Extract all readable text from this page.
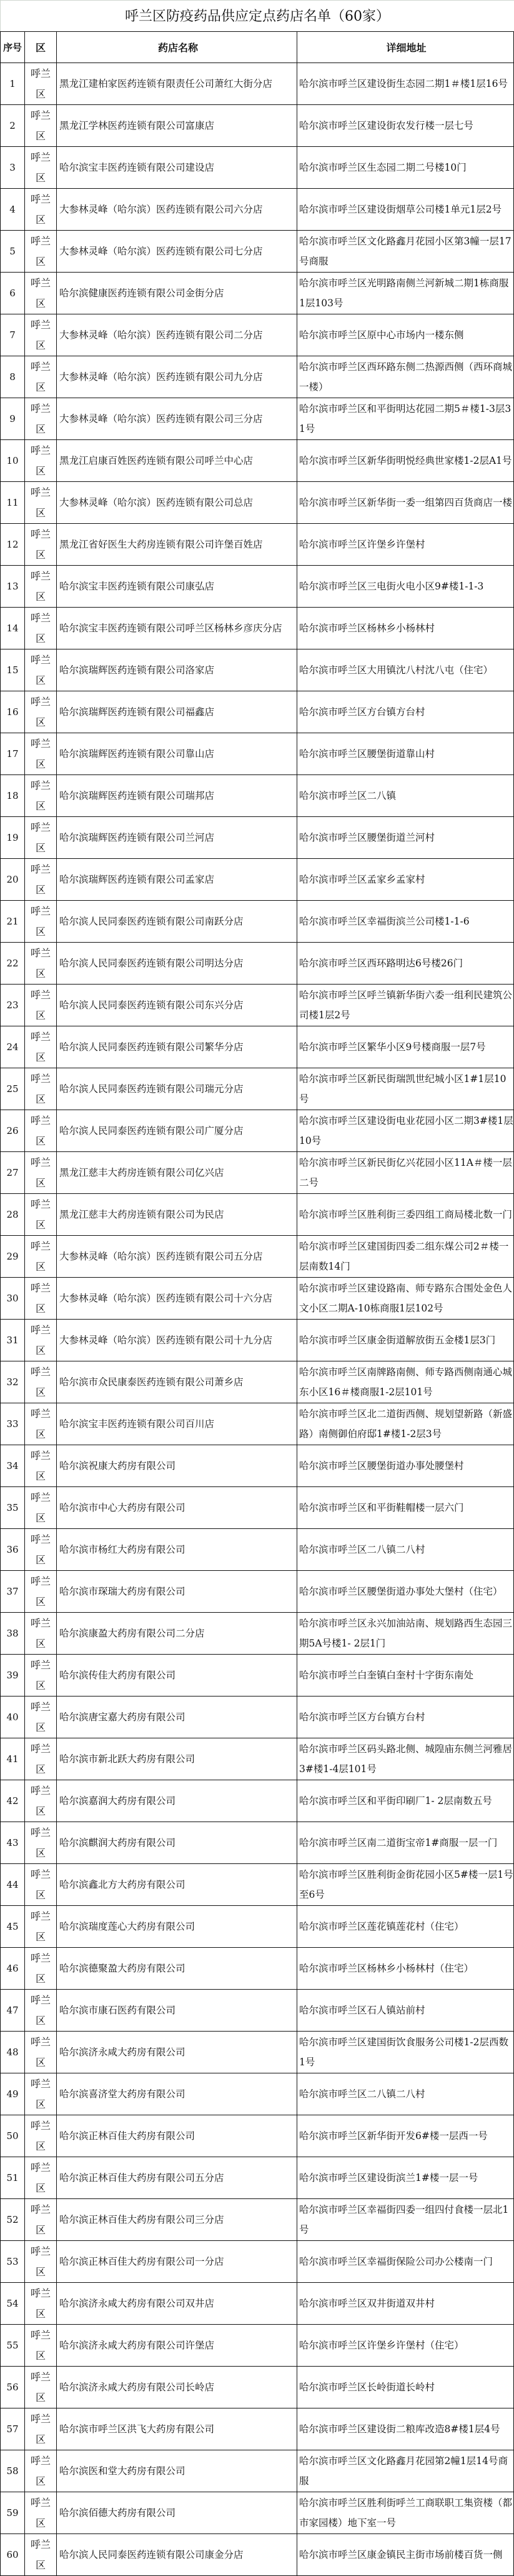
呼兰区防疫药品供应定点药店名单（60家）
序号	区	药店名称	详细地址
1	呼兰区	黑龙江建柏家医药连锁有限责任公司萧红大街分店	哈尔滨市呼兰区建设街生态园二期1＃楼1层16号

2	呼兰区	黑龙江学林医药连锁有限公司富康店	哈尔滨市呼兰区建设街农发行楼一层七号

3	呼兰区	哈尔滨宝丰医药连锁有限公司建设店	哈尔滨市呼兰区生态园二期二号楼10门

4	呼兰区	大参林灵峰（哈尔滨）医药连锁有限公司六分店	哈尔滨市呼兰区建设街烟草公司楼1单元1层2号

5	呼兰区	大参林灵峰（哈尔滨）医药连锁有限公司七分店	哈尔滨市呼兰区文化路鑫月花园小区第3幢一层17号商服

6	呼兰区	哈尔滨健康医药连锁有限公司金街分店	哈尔滨市呼兰区光明路南侧兰河新城二期1栋商服1层103号

7	呼兰区	大参林灵峰（哈尔滨）医药连锁有限公司二分店	哈尔滨市呼兰区原中心市场内一楼东侧

8	呼兰区	大参林灵峰（哈尔滨）医药连锁有限公司九分店	哈尔滨市呼兰区西环路东侧二热源西侧（西环商城一楼）

9	呼兰区	大参林灵峰（哈尔滨）医药连锁有限公司三分店	哈尔滨市呼兰区和平街明达花园二期5＃楼1-3层31号

10	呼兰区	黑龙江启康百姓医药连锁有限公司呼兰中心店	哈尔滨市呼兰区新华街明悦经典世家楼1-2层A1号

11	呼兰区	大参林灵峰（哈尔滨）医药连锁有限公司总店	哈尔滨市呼兰区新华街一委一组第四百货商店一楼

12	呼兰区	黑龙江省好医生大药房连锁有限公司许堡百姓店	哈尔滨市呼兰区许堡乡许堡村

13	呼兰区	哈尔滨宝丰医药连锁有限公司康弘店	哈尔滨市呼兰区三电街火电小区9#楼1-1-3

14	呼兰区	哈尔滨宝丰医药连锁有限公司呼兰区杨林乡彦庆分店	哈尔滨市呼兰区杨林乡小杨林村

15	呼兰区	哈尔滨瑞辉医药连锁有限公司洛家店	哈尔滨市呼兰区大用镇沈八村沈八屯（住宅）

16	呼兰区	哈尔滨瑞辉医药连锁有限公司福鑫店	哈尔滨市呼兰区方台镇方台村

17	呼兰区	哈尔滨瑞辉医药连锁有限公司靠山店	哈尔滨市呼兰区腰堡街道靠山村

18	呼兰区	哈尔滨瑞辉医药连锁有限公司瑞邦店	哈尔滨市呼兰区二八镇

19	呼兰区	哈尔滨瑞辉医药连锁有限公司兰河店	哈尔滨市呼兰区腰堡街道兰河村

20	呼兰区	哈尔滨瑞辉医药连锁有限公司孟家店	哈尔滨市呼兰区孟家乡孟家村

21	呼兰区	哈尔滨人民同泰医药连锁有限公司南跃分店	哈尔滨市呼兰区幸福街滨兰公司楼1-1-6

22	呼兰区	哈尔滨人民同泰医药连锁有限公司明达分店	哈尔滨市呼兰区西环路明达6号楼26门

23	呼兰区	哈尔滨人民同泰医药连锁有限公司东兴分店	哈尔滨市呼兰区呼兰镇新华街六委一组利民建筑公司楼1层2号

24	呼兰区	哈尔滨人民同泰医药连锁有限公司繁华分店	哈尔滨市呼兰区繁华小区9号楼商服一层7号

25	呼兰区	哈尔滨人民同泰医药连锁有限公司瑞元分店	哈尔滨市呼兰区新民街瑞凯世纪城小区1#1层10号

26	呼兰区	哈尔滨人民同泰医药连锁有限公司广厦分店	哈尔滨市呼兰区建设街电业花园小区二期3#楼1层10号

27	呼兰区	黑龙江慈丰大药房连锁有限公司亿兴店	哈尔滨市呼兰区新民街亿兴花园小区11A＃楼一层二号

28	呼兰区	黑龙江慈丰大药房连锁有限公司为民店	哈尔滨市呼兰区胜利街三委四组工商局楼北数一门

29	呼兰区	大参林灵峰（哈尔滨）医药连锁有限公司五分店	哈尔滨市呼兰区建国街四委二组东煤公司2＃楼一层南数14门

30	呼兰区	大参林灵峰（哈尔滨）医药连锁有限公司十六分店	哈尔滨市呼兰区建设路南、师专路东合围处金色人文小区二期A-10栋商服1层102号

31	呼兰区	大参林灵峰（哈尔滨）医药连锁有限公司十九分店	哈尔滨市呼兰区康金街道解放街五金楼1层3门

32	呼兰区	哈尔滨市众民康泰医药连锁有限公司萧乡店	哈尔滨市呼兰区南牌路南侧、师专路西侧南通心城东小区16＃楼商服1-2层101号

33	呼兰区	哈尔滨宝丰医药连锁有限公司百川店	哈尔滨市呼兰区北二道街西侧、规划望新路（新盛路）南侧御伯府邸1#楼1-2层3号

34	呼兰区	哈尔滨祝康大药房有限公司	哈尔滨市呼兰区腰堡街道办事处腰堡村

35	呼兰区	哈尔滨市中心大药房有限公司	哈尔滨市呼兰区和平街鞋帽楼一层六门

36	呼兰区	哈尔滨市杨红大药房有限公司	哈尔滨市呼兰区二八镇二八村

37	呼兰区	哈尔滨市琛瑞大药房有限公司	哈尔滨市呼兰区腰堡街道办事处大堡村（住宅）

38	呼兰区	哈尔滨康盈大药房有限公司二分店	哈尔滨市呼兰区永兴加油站南、规划路西生态园三期5A号楼1- 2层1门

39	呼兰区	哈尔滨传佳大药房有限公司	哈尔滨市呼兰白奎镇白奎村十字街东南处

40	呼兰区	哈尔滨唐宝嘉大药房有限公司	哈尔滨市呼兰区方台镇方台村

41	呼兰区	哈尔滨市新北跃大药房有限公司	哈尔滨市呼兰区码头路北侧、城隍庙东侧兰河雅居3#楼1-4层101号

42	呼兰区	哈尔滨嘉润大药房有限公司	哈尔滨市呼兰区和平街印刷厂1- 2层南数五号

43	呼兰区	哈尔滨麒润大药房有限公司	哈尔滨市呼兰区南二道街宝帝1#商服一层一门

44	呼兰区	哈尔滨鑫北方大药房有限公司	哈尔滨市呼兰区胜利街金街花园小区5#楼一层1号至6号

45	呼兰区	哈尔滨瑞度莲心大药房有限公司	哈尔滨市呼兰区莲花镇莲花村（住宅）

46	呼兰区	哈尔滨德聚盈大药房有限公司	哈尔滨市呼兰区杨林乡小杨林村（住宅）

47	呼兰区	哈尔滨市康石医药有限公司	哈尔滨市呼兰区石人镇站前村

48	呼兰区	哈尔滨济永咸大药房有限公司	哈尔滨市呼兰区建国街饮食服务公司楼1-2层西数1号

49	呼兰区	哈尔滨喜济堂大药房有限公司	哈尔滨市呼兰区二八镇二八村

50	呼兰区	哈尔滨正林百佳大药房有限公司	哈尔滨市呼兰区新华街开发6#楼一层西一号

51	呼兰区	哈尔滨正林百佳大药房有限公司五分店	哈尔滨市呼兰区建设街滨兰1#楼一层一号

52	呼兰区	哈尔滨正林百佳大药房有限公司三分店	哈尔滨市呼兰区幸福街四委一组四付食楼一层北1号

53	呼兰区	哈尔滨正林百佳大药房有限公司一分店	哈尔滨市呼兰区幸福街保险公司办公楼南一门

54	呼兰区	哈尔滨济永咸大药房有限公司双井店	哈尔滨市呼兰区双井街道双井村

55	呼兰区	哈尔滨济永咸大药房有限公司许堡店	哈尔滨市呼兰区许堡乡许堡村（住宅）

56	呼兰区	哈尔滨济永咸大药房有限公司长岭店	哈尔滨市呼兰区长岭街道长岭村

57	呼兰区	哈尔滨市呼兰区洪飞大药房有限公司	哈尔滨市呼兰区建设街二粮库改造8#楼1层4号

58	呼兰区	哈尔滨医和堂大药房有限公司	哈尔滨市呼兰区文化路鑫月花园第2幢1层14号商服

59	呼兰区	哈尔滨佰德大药房有限公司	哈尔滨市呼兰区胜利街呼兰工商联职工集资楼（都市家园楼）地下室一号

60	呼兰区	哈尔滨人民同泰医药连锁有限公司康金分店	哈尔滨市呼兰区康金镇民主街市场前楼百货一侧
